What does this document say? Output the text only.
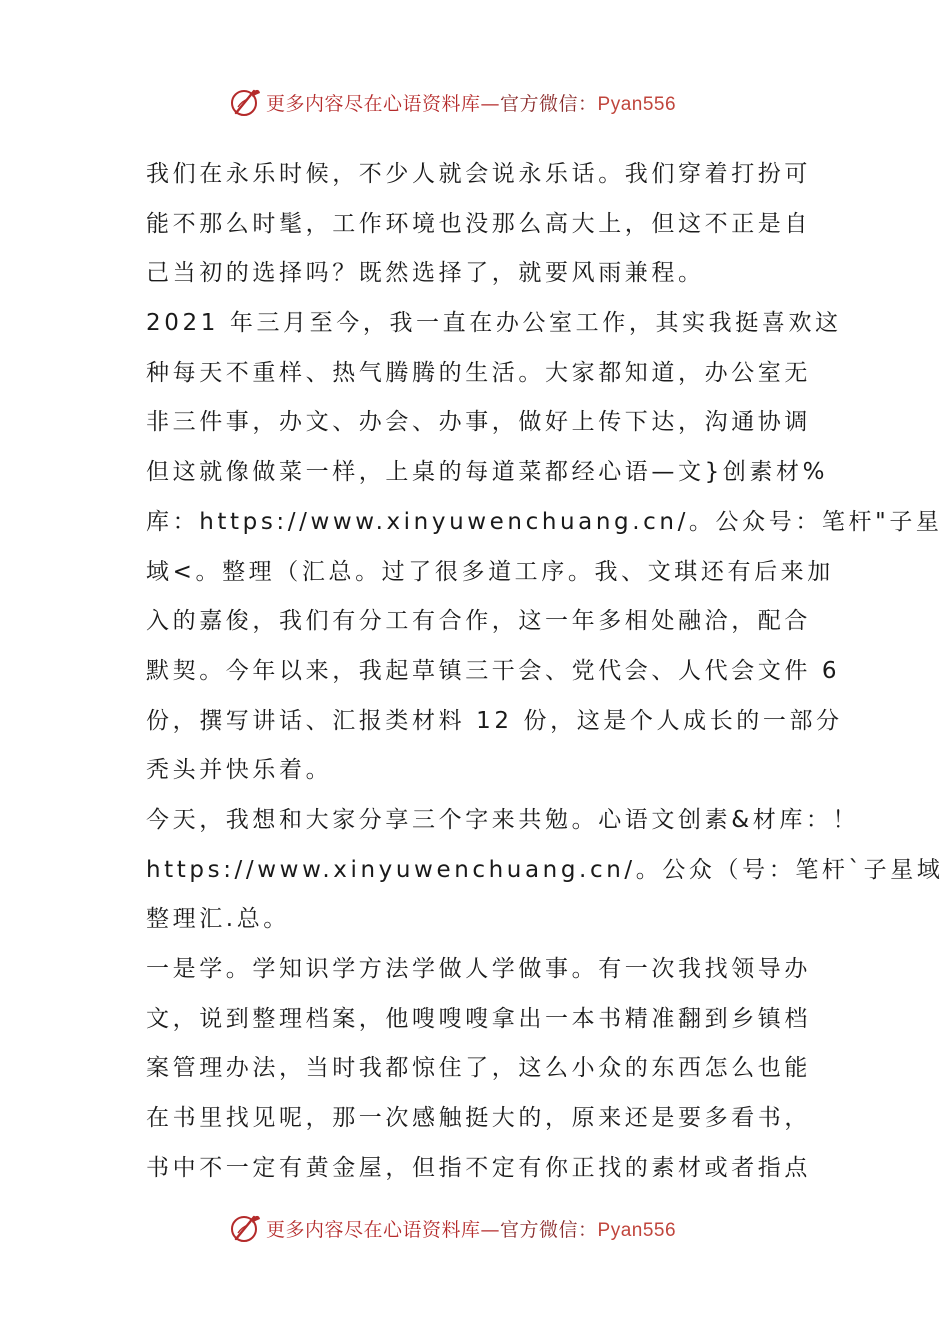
更多内容尽在心语资料库—官方微信：Pyan556
我们在永乐时候，不少人就会说永乐话。我们穿着打扮可
能不那么时髦，工作环境也没那么高大上，但这不正是自
己当初的选择吗？既然选择了，就要风雨兼程。
2021 年三月至今，我一直在办公室工作，其实我挺喜欢这
种每天不重样、热气腾腾的生活。大家都知道，办公室无
非三件事，办文、办会、办事，做好上传下达，沟通协调
但这就像做菜一样，上桌的每道菜都经心语—文}创素材%
库：https://www.xinyuwenchuang.cn/。公众号：笔杆"子星
域<。整理（汇总。过了很多道工序。我、文琪还有后来加
入的嘉俊，我们有分工有合作，这一年多相处融洽，配合
默契。今年以来，我起草镇三干会、党代会、人代会文件 6
份，撰写讲话、汇报类材料 12 份，这是个人成长的一部分
秃头并快乐着。
今天，我想和大家分享三个字来共勉。心语文创素&材库：！
https://www.xinyuwenchuang.cn/。公众（号：笔杆`子星域
整理汇.总。
一是学。学知识学方法学做人学做事。有一次我找领导办
文，说到整理档案，他嗖嗖嗖拿出一本书精准翻到乡镇档
案管理办法，当时我都惊住了，这么小众的东西怎么也能
在书里找见呢，那一次感触挺大的，原来还是要多看书，
书中不一定有黄金屋，但指不定有你正找的素材或者指点
更多内容尽在心语资料库—官方微信：Pyan556
